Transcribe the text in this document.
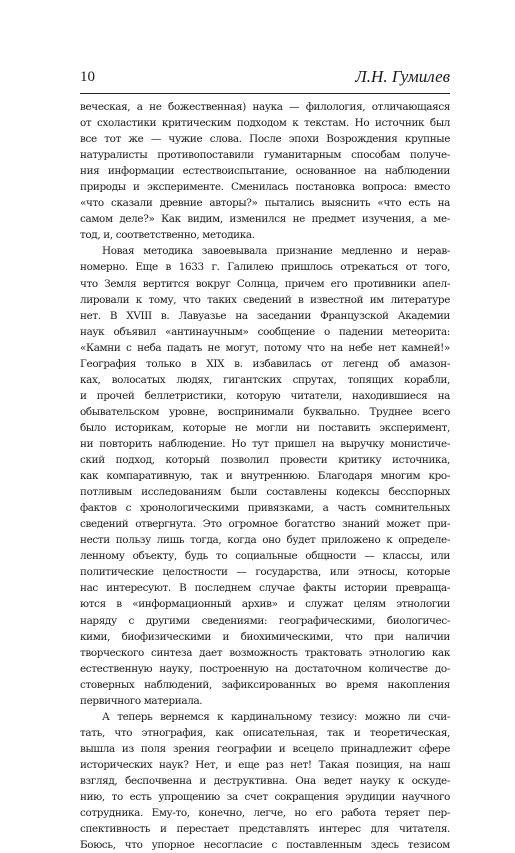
10	Л.Н. Гумилев
веческая, а не божественная) наука — филология, отличающаяся
от схоластики критическим подходом к текстам. Но источник был
все тот же — чужие слова. После эпохи Возрождения крупные
натуралисты противопоставили гуманитарным способам получе-
ния информации естествоиспытание, основанное на наблюдении
природы и эксперименте. Сменилась постановка вопроса: вместо
«что сказали древние авторы?» пытались выяснить «что есть на
самом деле?» Как видим, изменился не предмет изучения, а ме-
тод, и, соответственно, методика.
Новая методика завоевывала признание медленно и нерав-
номерно. Еще в 1633 г. Галилею пришлось отрекаться от того,
что Земля вертится вокруг Солнца, причем его противники апел-
лировали к тому, что таких сведений в известной им литературе
нет. В XVIII в. Лавуазье на заседании Французской Академии
наук объявил «антинаучным» сообщение о падении метеорита:
«Камни с неба падать не могут, потому что на небе нет камней!»
География только в XIX в. избавилась от легенд об амазон-
ках, волосатых людях, гигантских спрутах, топящих корабли,
и прочей беллетристики, которую читатели, находившиеся на
обывательском уровне, воспринимали буквально. Труднее всего
было историкам, которые не могли ни поставить эксперимент,
ни повторить наблюдение. Но тут пришел на выручку монистиче-
ский подход, который позволил провести критику источника,
как компаративную, так и внутреннюю. Благодаря многим кро-
потливым исследованиям были составлены кодексы бесспорных
фактов с хронологическими привязками, а часть сомнительных
сведений отвергнута. Это огромное богатство знаний может при-
нести пользу лишь тогда, когда оно будет приложено к определе-
ленному объекту, будь то социальные общности — классы, или
политические целостности — государства, или этносы, которые
нас интересуют. В последнем случае факты истории превраща-
ются в «информационный архив» и служат целям этнологии
наряду с другими сведениями: географическими, биологичес-
кими, биофизическими и биохимическими, что при наличии
творческого синтеза дает возможность трактовать этнологию как
естественную науку, построенную на достаточном количестве до-
стоверных наблюдений, зафиксированных во время накопления
первичного материала.
А теперь вернемся к кардинальному тезису: можно ли счи-
тать, что этнография, как описательная, так и теоретическая,
вышла из поля зрения географии и всецело принадлежит сфере
исторических наук? Нет, и еще раз нет! Такая позиция, на наш
взгляд, беспочвенна и деструктивна. Она ведет науку к оскуде-
нию, то есть упрощению за счет сокращения эрудиции научного
сотрудника. Ему-то, конечно, легче, но его работа теряет пер-
спективность и перестает представлять интерес для читателя.
Боюсь, что упорное несогласие с поставленным здесь тезисом
